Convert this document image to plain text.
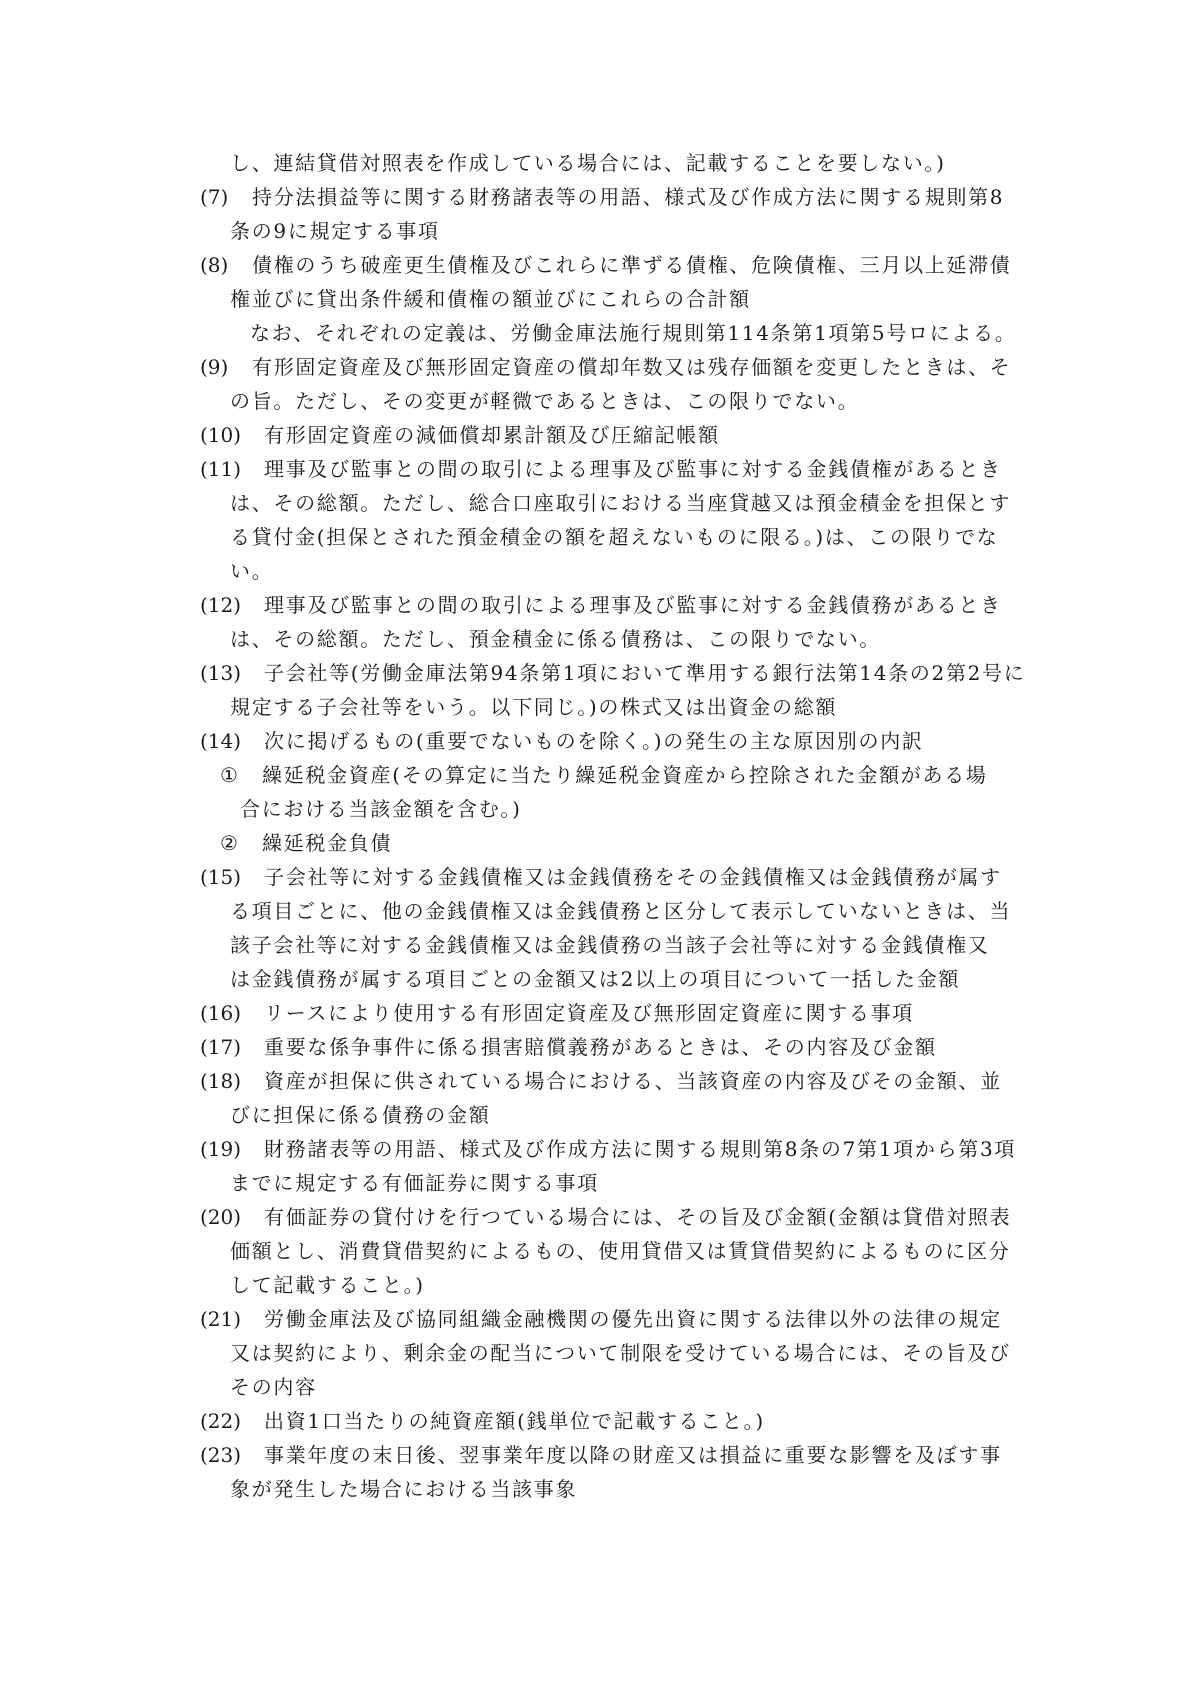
し、連結貸借対照表を作成している場合には、記載することを要しない。)
(7) 持分法損益等に関する財務諸表等の用語、様式及び作成方法に関する規則第8
条の9に規定する事項
(8) 債権のうち破産更生債権及びこれらに準ずる債権、危険債権、三月以上延滞債
権並びに貸出条件緩和債権の額並びにこれらの合計額
なお、それぞれの定義は、労働金庫法施行規則第114条第1項第5号ロによる。
(9) 有形固定資産及び無形固定資産の償却年数又は残存価額を変更したときは、そ
の旨。ただし、その変更が軽微であるときは、この限りでない。
(10) 有形固定資産の減価償却累計額及び圧縮記帳額
(11) 理事及び監事との間の取引による理事及び監事に対する金銭債権があるとき
は、その総額。ただし、総合口座取引における当座貸越又は預金積金を担保とす
る貸付金(担保とされた預金積金の額を超えないものに限る。)は、この限りでな
い。
(12) 理事及び監事との間の取引による理事及び監事に対する金銭債務があるとき
は、その総額。ただし、預金積金に係る債務は、この限りでない。
(13) 子会社等(労働金庫法第94条第1項において準用する銀行法第14条の2第2号に
規定する子会社等をいう。以下同じ。)の株式又は出資金の総額
(14) 次に掲げるもの(重要でないものを除く。)の発生の主な原因別の内訳
① 繰延税金資産(その算定に当たり繰延税金資産から控除された金額がある場
合における当該金額を含む。)
② 繰延税金負債
(15) 子会社等に対する金銭債権又は金銭債務をその金銭債権又は金銭債務が属す
る項目ごとに、他の金銭債権又は金銭債務と区分して表示していないときは、当
該子会社等に対する金銭債権又は金銭債務の当該子会社等に対する金銭債権又
は金銭債務が属する項目ごとの金額又は2以上の項目について一括した金額
(16) リースにより使用する有形固定資産及び無形固定資産に関する事項
(17) 重要な係争事件に係る損害賠償義務があるときは、その内容及び金額
(18) 資産が担保に供されている場合における、当該資産の内容及びその金額、並
びに担保に係る債務の金額
(19) 財務諸表等の用語、様式及び作成方法に関する規則第8条の7第1項から第3項
までに規定する有価証券に関する事項
(20) 有価証券の貸付けを行つている場合には、その旨及び金額(金額は貸借対照表
価額とし、消費貸借契約によるもの、使用貸借又は賃貸借契約によるものに区分
して記載すること。)
(21) 労働金庫法及び協同組織金融機関の優先出資に関する法律以外の法律の規定
又は契約により、剰余金の配当について制限を受けている場合には、その旨及び
その内容
(22) 出資1口当たりの純資産額(銭単位で記載すること。)
(23) 事業年度の末日後、翌事業年度以降の財産又は損益に重要な影響を及ぼす事
象が発生した場合における当該事象
